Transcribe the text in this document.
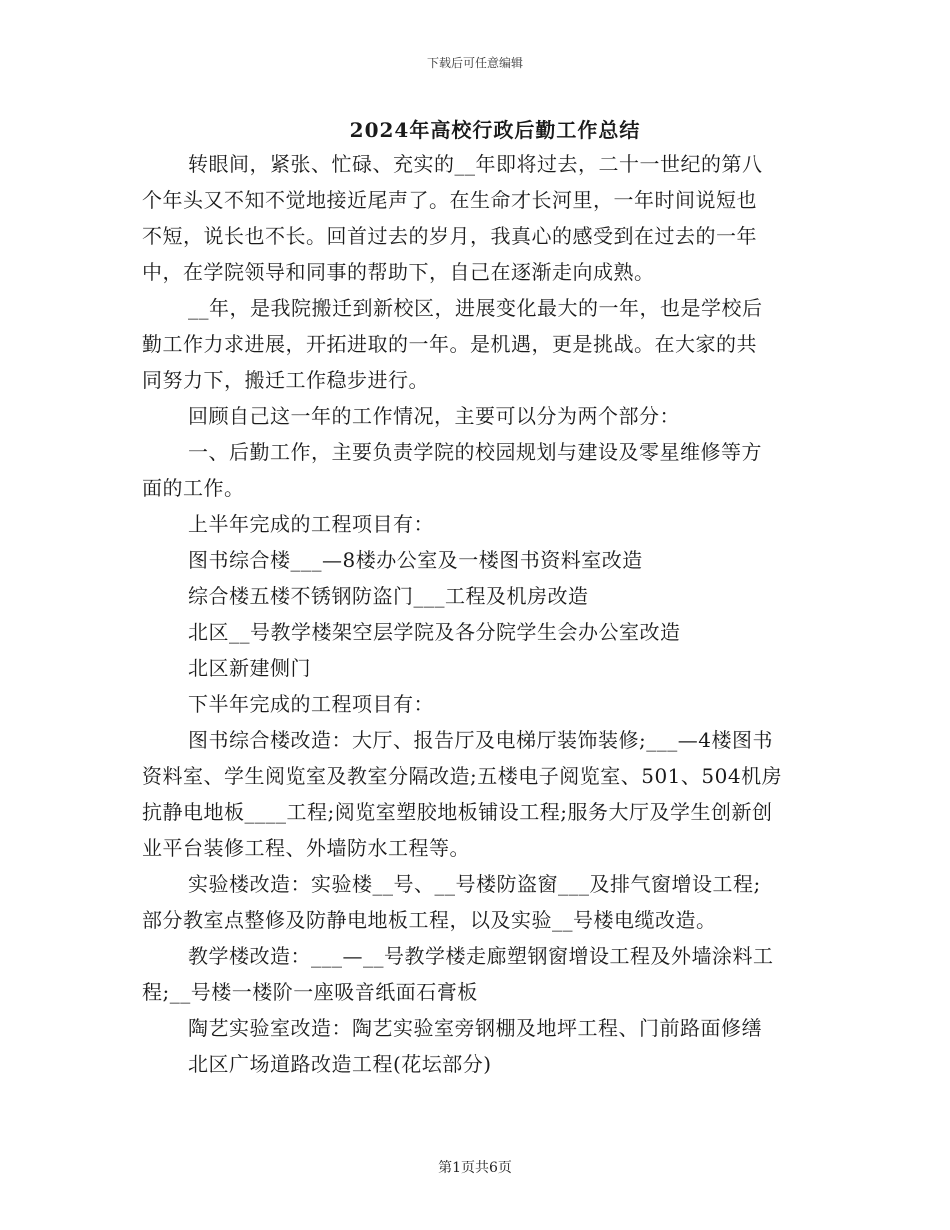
下载后可任意编辑
2024年高校行政后勤工作总结

转眼间，紧张、忙碌、充实的__年即将过去，二十一世纪的第八

个年头又不知不觉地接近尾声了。在生命才长河里，一年时间说短也

不短，说长也不长。回首过去的岁月，我真心的感受到在过去的一年

中，在学院领导和同事的帮助下，自己在逐渐走向成熟。

__年，是我院搬迁到新校区，进展变化最大的一年，也是学校后

勤工作力求进展，开拓进取的一年。是机遇，更是挑战。在大家的共

同努力下，搬迁工作稳步进行。

回顾自己这一年的工作情况，主要可以分为两个部分：

一、后勤工作，主要负责学院的校园规划与建设及零星维修等方

面的工作。

上半年完成的工程项目有：

图书综合楼___—8楼办公室及一楼图书资料室改造

综合楼五楼不锈钢防盗门___工程及机房改造

北区__号教学楼架空层学院及各分院学生会办公室改造

北区新建侧门

下半年完成的工程项目有：

图书综合楼改造：大厅、报告厅及电梯厅装饰装修;___—4楼图书

资料室、学生阅览室及教室分隔改造;五楼电子阅览室、501、504机房

抗静电地板____工程;阅览室塑胶地板铺设工程;服务大厅及学生创新创

业平台装修工程、外墙防水工程等。

实验楼改造：实验楼__号、__号楼防盗窗___及排气窗增设工程;

部分教室点整修及防静电地板工程，以及实验__号楼电缆改造。

教学楼改造：___—__号教学楼走廊塑钢窗增设工程及外墙涂料工

程;__号楼一楼阶一座吸音纸面石膏板

陶艺实验室改造：陶艺实验室旁钢棚及地坪工程、门前路面修缮

北区广场道路改造工程(花坛部分)

第1页共6页
